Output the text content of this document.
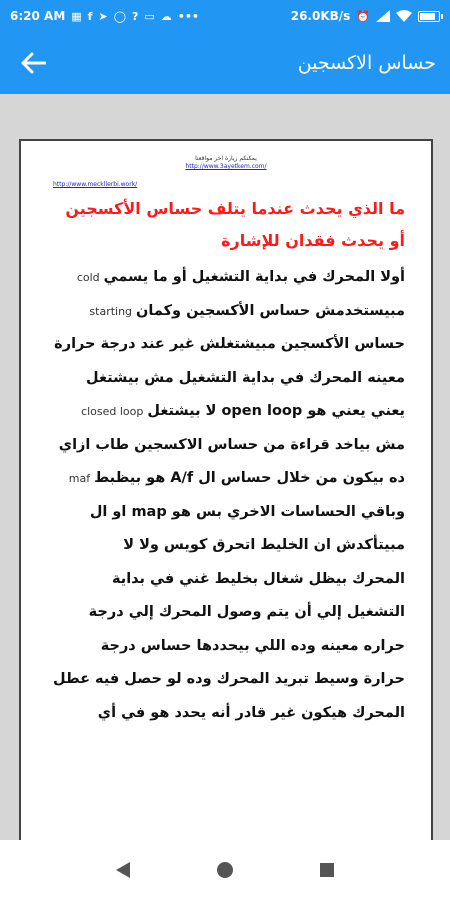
6:20 AM ▦ f ➤ ◯ ? ▭ ☁ •••	26.0KB/s ⏰
حساس الاكسجين
يمكنكم زيارة اخر مواقعنا
http://www.3ayetkem.com/
http://www.meckllerbi.work/
ما الذي يحدث عندما يتلف حساس الأكسجين أو يحدث فقدان للإشارة
أولا المحرك في بداية التشغيل أو ما يسميcold
مبيستخدمش حساس الأكسجين وكمانstarting
حساس الأكسجين مبيشتغلش غير عند درجة حرارة
معينه المحرك في بداية التشغيل مش بيشتغل
يعني يعني هو open loop لا بيشتغلclosed loop
مش بياخد قراءة من حساس الاكسجين طاب ازاي
ده بيكون من خلال حساس ال A/f هو بيظبطmaf
وباقي الحساسات الاخري بس هو map او ال
مبيتأكدش ان الخليط اتحرق كويس ولا لا
المحرك بيظل شغال بخليط غني في بداية
التشغيل إلي أن يتم وصول المحرك إلي درجة
حراره معينه وده اللي بيحددها حساس درجة
حرارة وسيط تبريد المحرك وده لو حصل فيه عطل
المحرك هيكون غير قادر أنه يحدد هو في أي
